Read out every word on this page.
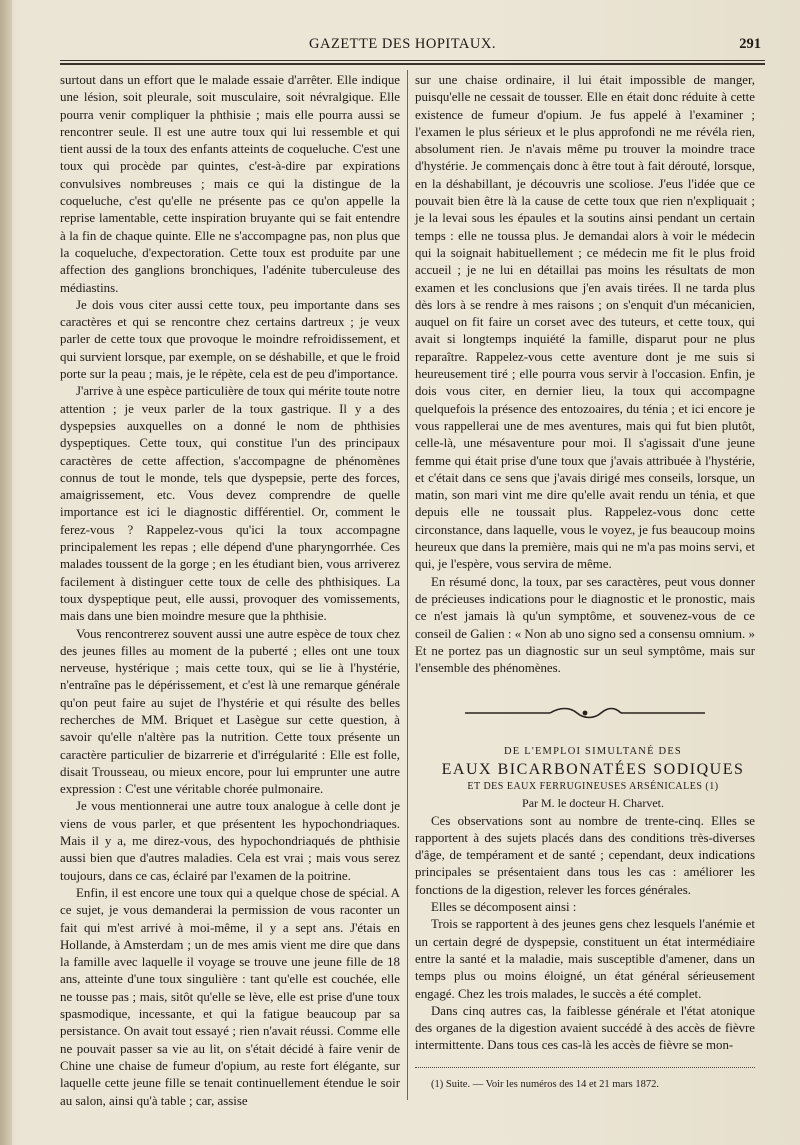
GAZETTE DES HOPITAUX.	291

surtout dans un effort que le malade essaie d'arrêter. Elle indique une lésion, soit pleurale, soit musculaire, soit névralgique. Elle pourra venir compliquer la phthisie ; mais elle pourra aussi se rencontrer seule. Il est une autre toux qui lui ressemble et qui tient aussi de la toux des enfants atteints de coqueluche. C'est une toux qui procède par quintes, c'est-à-dire par expirations convulsives nombreuses ; mais ce qui la distingue de la coqueluche, c'est qu'elle ne présente pas ce qu'on appelle la reprise lamentable, cette inspiration bruyante qui se fait entendre à la fin de chaque quinte. Elle ne s'accompagne pas, non plus que la coqueluche, d'expectoration. Cette toux est produite par une affection des ganglions bronchiques, l'adénite tuberculeuse des médiastins.

Je dois vous citer aussi cette toux, peu importante dans ses caractères et qui se rencontre chez certains dartreux ; je veux parler de cette toux que provoque le moindre refroidissement, et qui survient lorsque, par exemple, on se déshabille, et que le froid porte sur la peau ; mais, je le répète, cela est de peu d'importance.

J'arrive à une espèce particulière de toux qui mérite toute notre attention ; je veux parler de la toux gastrique. Il y a des dyspepsies auxquelles on a donné le nom de phthisies dyspeptiques. Cette toux, qui constitue l'un des principaux caractères de cette affection, s'accompagne de phénomènes connus de tout le monde, tels que dyspepsie, perte des forces, amaigrissement, etc. Vous devez comprendre de quelle importance est ici le diagnostic différentiel. Or, comment le ferez-vous ? Rappelez-vous qu'ici la toux accompagne principalement les repas ; elle dépend d'une pharyngorrhée. Ces malades toussent de la gorge ; en les étudiant bien, vous arriverez facilement à distinguer cette toux de celle des phthisiques. La toux dyspeptique peut, elle aussi, provoquer des vomissements, mais dans une bien moindre mesure que la phthisie.

Vous rencontrerez souvent aussi une autre espèce de toux chez des jeunes filles au moment de la puberté ; elles ont une toux nerveuse, hystérique ; mais cette toux, qui se lie à l'hystérie, n'entraîne pas le dépérissement, et c'est là une remarque générale qu'on peut faire au sujet de l'hystérie et qui résulte des belles recherches de MM. Briquet et Lasègue sur cette question, à savoir qu'elle n'altère pas la nutrition. Cette toux présente un caractère particulier de bizarrerie et d'irrégularité : Elle est folle, disait Trousseau, ou mieux encore, pour lui emprunter une autre expression : C'est une véritable chorée pulmonaire.

Je vous mentionnerai une autre toux analogue à celle dont je viens de vous parler, et que présentent les hypochondriaques. Mais il y a, me direz-vous, des hypochondriaqués de phthisie aussi bien que d'autres maladies. Cela est vrai ; mais vous serez toujours, dans ce cas, éclairé par l'examen de la poitrine.

Enfin, il est encore une toux qui a quelque chose de spécial. A ce sujet, je vous demanderai la permission de vous raconter un fait qui m'est arrivé à moi-même, il y a sept ans. J'étais en Hollande, à Amsterdam ; un de mes amis vient me dire que dans la famille avec laquelle il voyage se trouve une jeune fille de 18 ans, atteinte d'une toux singulière : tant qu'elle est couchée, elle ne tousse pas ; mais, sitôt qu'elle se lève, elle est prise d'une toux spasmodique, incessante, et qui la fatigue beaucoup par sa persistance. On avait tout essayé ; rien n'avait réussi. Comme elle ne pouvait passer sa vie au lit, on s'était décidé à faire venir de Chine une chaise de fumeur d'opium, au reste fort élégante, sur laquelle cette jeune fille se tenait continuellement étendue le soir au salon, ainsi qu'à table ; car, assise

sur une chaise ordinaire, il lui était impossible de manger, puisqu'elle ne cessait de tousser. Elle en était donc réduite à cette existence de fumeur d'opium. Je fus appelé à l'examiner ; l'examen le plus sérieux et le plus approfondi ne me révéla rien, absolument rien. Je n'avais même pu trouver la moindre trace d'hystérie. Je commençais donc à être tout à fait dérouté, lorsque, en la déshabillant, je découvris une scoliose. J'eus l'idée que ce pouvait bien être là la cause de cette toux que rien n'expliquait ; je la levai sous les épaules et la soutins ainsi pendant un certain temps : elle ne toussa plus. Je demandai alors à voir le médecin qui la soignait habituellement ; ce médecin me fit le plus froid accueil ; je ne lui en détaillai pas moins les résultats de mon examen et les conclusions que j'en avais tirées. Il ne tarda plus dès lors à se rendre à mes raisons ; on s'enquit d'un mécanicien, auquel on fit faire un corset avec des tuteurs, et cette toux, qui avait si longtemps inquiété la famille, disparut pour ne plus reparaître. Rappelez-vous cette aventure dont je me suis si heureusement tiré ; elle pourra vous servir à l'occasion. Enfin, je dois vous citer, en dernier lieu, la toux qui accompagne quelquefois la présence des entozoaires, du ténia ; et ici encore je vous rappellerai une de mes aventures, mais qui fut bien plutôt, celle-là, une mésaventure pour moi. Il s'agissait d'une jeune femme qui était prise d'une toux que j'avais attribuée à l'hystérie, et c'était dans ce sens que j'avais dirigé mes conseils, lorsque, un matin, son mari vint me dire qu'elle avait rendu un ténia, et que depuis elle ne toussait plus. Rappelez-vous donc cette circonstance, dans laquelle, vous le voyez, je fus beaucoup moins heureux que dans la première, mais qui ne m'a pas moins servi, et qui, je l'espère, vous servira de même.

En résumé donc, la toux, par ses caractères, peut vous donner de précieuses indications pour le diagnostic et le pronostic, mais ce n'est jamais là qu'un symptôme, et souvenez-vous de ce conseil de Galien : « Non ab uno signo sed a consensu omnium. » Et ne portez pas un diagnostic sur un seul symptôme, mais sur l'ensemble des phénomènes.

DE L'EMPLOI SIMULTANÉ DES

EAUX BICARBONATÉES SODIQUES

ET DES EAUX FERRUGINEUSES ARSÉNICALES (1)

Par M. le docteur H. Charvet.

Ces observations sont au nombre de trente-cinq. Elles se rapportent à des sujets placés dans des conditions très-diverses d'âge, de tempérament et de santé ; cependant, deux indications principales se présentaient dans tous les cas : améliorer les fonctions de la digestion, relever les forces générales.

Elles se décomposent ainsi :

Trois se rapportent à des jeunes gens chez lesquels l'anémie et un certain degré de dyspepsie, constituent un état intermédiaire entre la santé et la maladie, mais susceptible d'amener, dans un temps plus ou moins éloigné, un état général sérieusement engagé. Chez les trois malades, le succès a été complet.

Dans cinq autres cas, la faiblesse générale et l'état atonique des organes de la digestion avaient succédé à des accès de fièvre intermittente. Dans tous ces cas-là les accès de fièvre se mon-

(1) Suite. — Voir les numéros des 14 et 21 mars 1872.
